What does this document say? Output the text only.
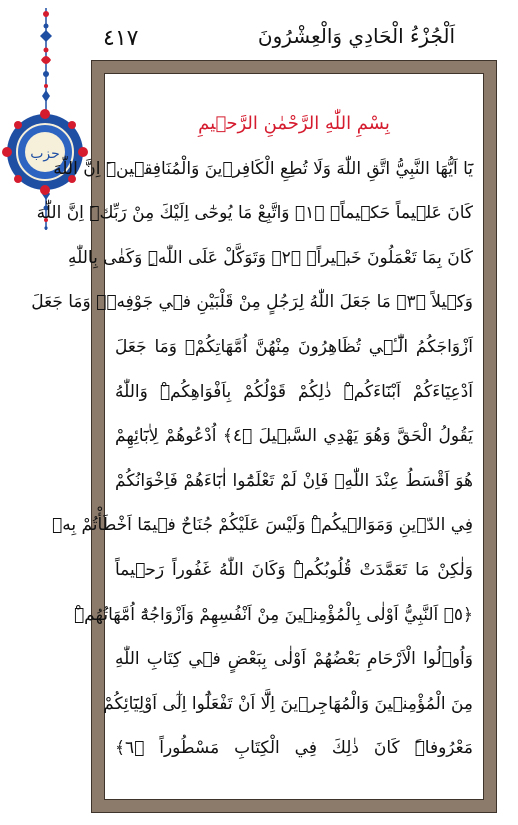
حزب
٤١٧	اَلْجُزْءُ الْحَادِي وَالْعِشْرُونَ
بِسْمِ اللّٰهِ الرَّحْمٰنِ الرَّح۪يمِ
يَٓا اَيُّهَا النَّبِيُّ اتَّقِ اللّٰهَ وَلَا تُطِعِ الْكَافِر۪ينَ وَالْمُنَافِق۪ينَۜ اِنَّ اللّٰهَ
كَانَ عَل۪يماً حَك۪يماًۙ ﴿١﴾ وَاتَّبِعْ مَا يُوحٰٓى اِلَيْكَ مِنْ رَبِّكَۜ اِنَّ اللّٰهَ
كَانَ بِمَا تَعْمَلُونَ خَب۪يراًۙ ﴿٢﴾ وَتَوَكَّلْ عَلَى اللّٰهِۜ وَكَفٰى بِاللّٰهِ
وَك۪يلاً ﴿٣﴾ مَا جَعَلَ اللّٰهُ لِرَجُلٍ مِنْ قَلْبَيْنِ ف۪ي جَوْفِه۪ۚ وَمَا جَعَلَ
اَزْوَاجَكُمُ الّٰٓـ۪ٔي تُظَاهِرُونَ مِنْهُنَّ اُمَّهَاتِكُمْۚ وَمَا جَعَلَ
اَدْعِيَٓاءَكُمْ اَبْنَٓاءَكُمْۜ ذٰلِكُمْ قَوْلُكُمْ بِاَفْوَاهِكُمْۜ وَاللّٰهُ
يَقُولُ الْحَقَّ وَهُوَ يَهْدِي السَّب۪يلَ ﴿٤﴾ اُدْعُوهُمْ لِاٰبَٓائِهِمْ
هُوَ اَقْسَطُ عِنْدَ اللّٰهِۚ فَاِنْ لَمْ تَعْلَمُٓوا اٰبَٓاءَهُمْ فَاِخْوَانُكُمْ
فِي الدّ۪ينِ وَمَوَال۪يكُمْۜ وَلَيْسَ عَلَيْكُمْ جُنَاحٌ ف۪يمَٓا اَخْطَأْتُمْ بِه۪
وَلٰكِنْ مَا تَعَمَّدَتْ قُلُوبُكُمْۜ وَكَانَ اللّٰهُ غَفُوراً رَح۪يماً
﴿٥﴾ اَلنَّبِيُّ اَوْلٰى بِالْمُؤْمِن۪ينَ مِنْ اَنْفُسِهِمْ وَاَزْوَاجُهُٓ اُمَّهَاتُهُمْۜ
وَاُو۬لُوا الْاَرْحَامِ بَعْضُهُمْ اَوْلٰى بِبَعْضٍ ف۪ي كِتَابِ اللّٰهِ
مِنَ الْمُؤْمِن۪ينَ وَالْمُهَاجِر۪ينَ اِلَّٓا اَنْ تَفْعَلُٓوا اِلٰٓى اَوْلِيَٓائِكُمْ
مَعْرُوفاًۜ كَانَ ذٰلِكَ فِي الْكِتَابِ مَسْطُوراً ﴿٦﴾
